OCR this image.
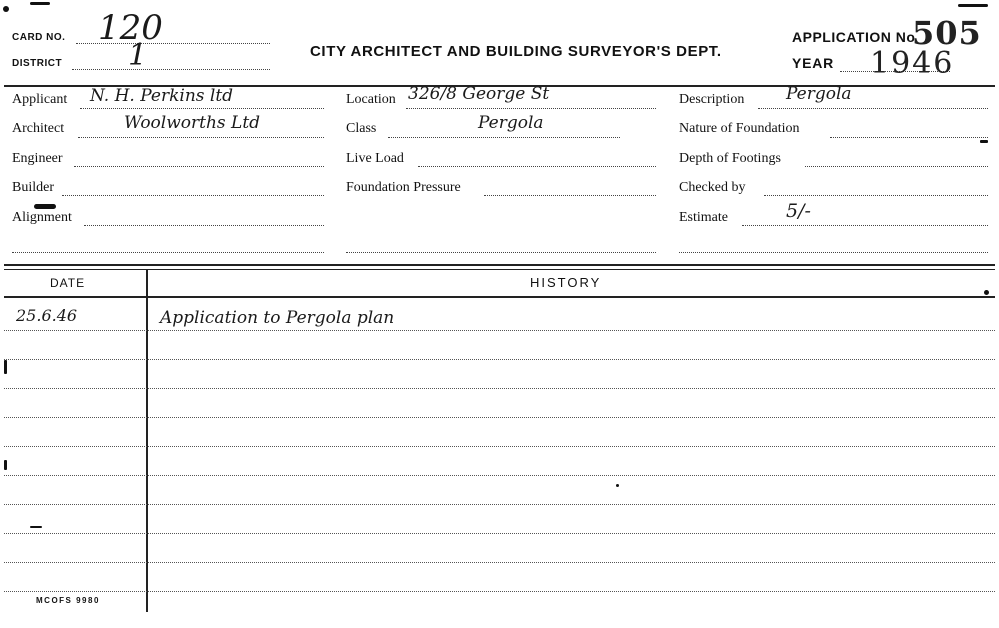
CARD NO. 120
DISTRICT 1	CITY ARCHITECT AND BUILDING SURVEYOR'S DEPT.
APPLICATION No
505
YEAR 1946
Applicant N. H. Perkins ltd
Architect	Woolworths Ltd
Engineer
Builder
Alignment
Location 326/8 George St
Class	Pergola
Live Load
Foundation Pressure
Description Pergola
Nature of Foundation
Depth of Footings
Checked by
Estimate	5/-
DATE	HISTORY
25.6.46	Application to Pergola plan
MCOFS 9980
